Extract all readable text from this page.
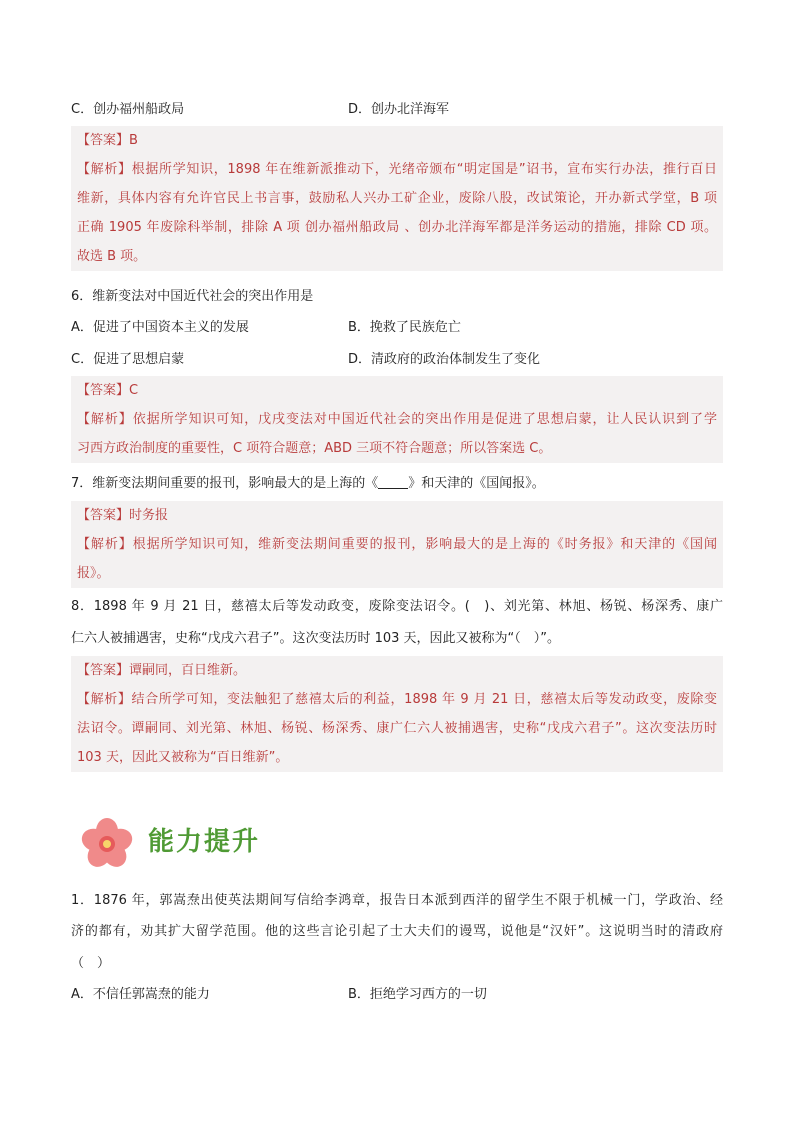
C．创办福州船政局	D．创办北洋海军
【答案】B
【解析】根据所学知识，1898 年在维新派推动下，光绪帝颁布“明定国是”诏书，宣布实行办法，推行百日
维新，具体内容有允许官民上书言事，鼓励私人兴办工矿企业，废除八股，改试策论，开办新式学堂，B 项
正确 1905 年废除科举制，排除 A 项 创办福州船政局 、创办北洋海军都是洋务运动的措施，排除 CD 项。
故选 B 项。
6．维新变法对中国近代社会的突出作用是
A．促进了中国资本主义的发展	B．挽救了民族危亡
C．促进了思想启蒙	D．清政府的政治体制发生了变化
【答案】C
【解析】依据所学知识可知，戊戌变法对中国近代社会的突出作用是促进了思想启蒙，让人民认识到了学
习西方政治制度的重要性，C 项符合题意；ABD 三项不符合题意；所以答案选 C。
7．维新变法期间重要的报刊，影响最大的是上海的《 》和天津的《国闻报》。
【答案】时务报
【解析】根据所学知识可知，维新变法期间重要的报刊，影响最大的是上海的《时务报》和天津的《国闻
报》。
8．1898 年 9 月 21 日，慈禧太后等发动政变，废除变法诏令。(　)、刘光第、林旭、杨锐、杨深秀、康广
仁六人被捕遇害，史称“戊戌六君子”。这次变法历时 103 天，因此又被称为“（　）”。
【答案】谭嗣同，百日维新。
【解析】结合所学可知，变法触犯了慈禧太后的利益，1898 年 9 月 21 日，慈禧太后等发动政变，废除变
法诏令。谭嗣同、刘光第、林旭、杨锐、杨深秀、康广仁六人被捕遇害，史称“戊戌六君子”。这次变法历时
103 天，因此又被称为“百日维新”。
能力提升
1．1876 年，郭嵩焘出使英法期间写信给李鸿章，报告日本派到西洋的留学生不限于机械一门，学政治、经
济的都有，劝其扩大留学范围。他的这些言论引起了士大夫们的谩骂，说他是“汉奸”。这说明当时的清政府
（　）
A．不信任郭嵩焘的能力	B．拒绝学习西方的一切
